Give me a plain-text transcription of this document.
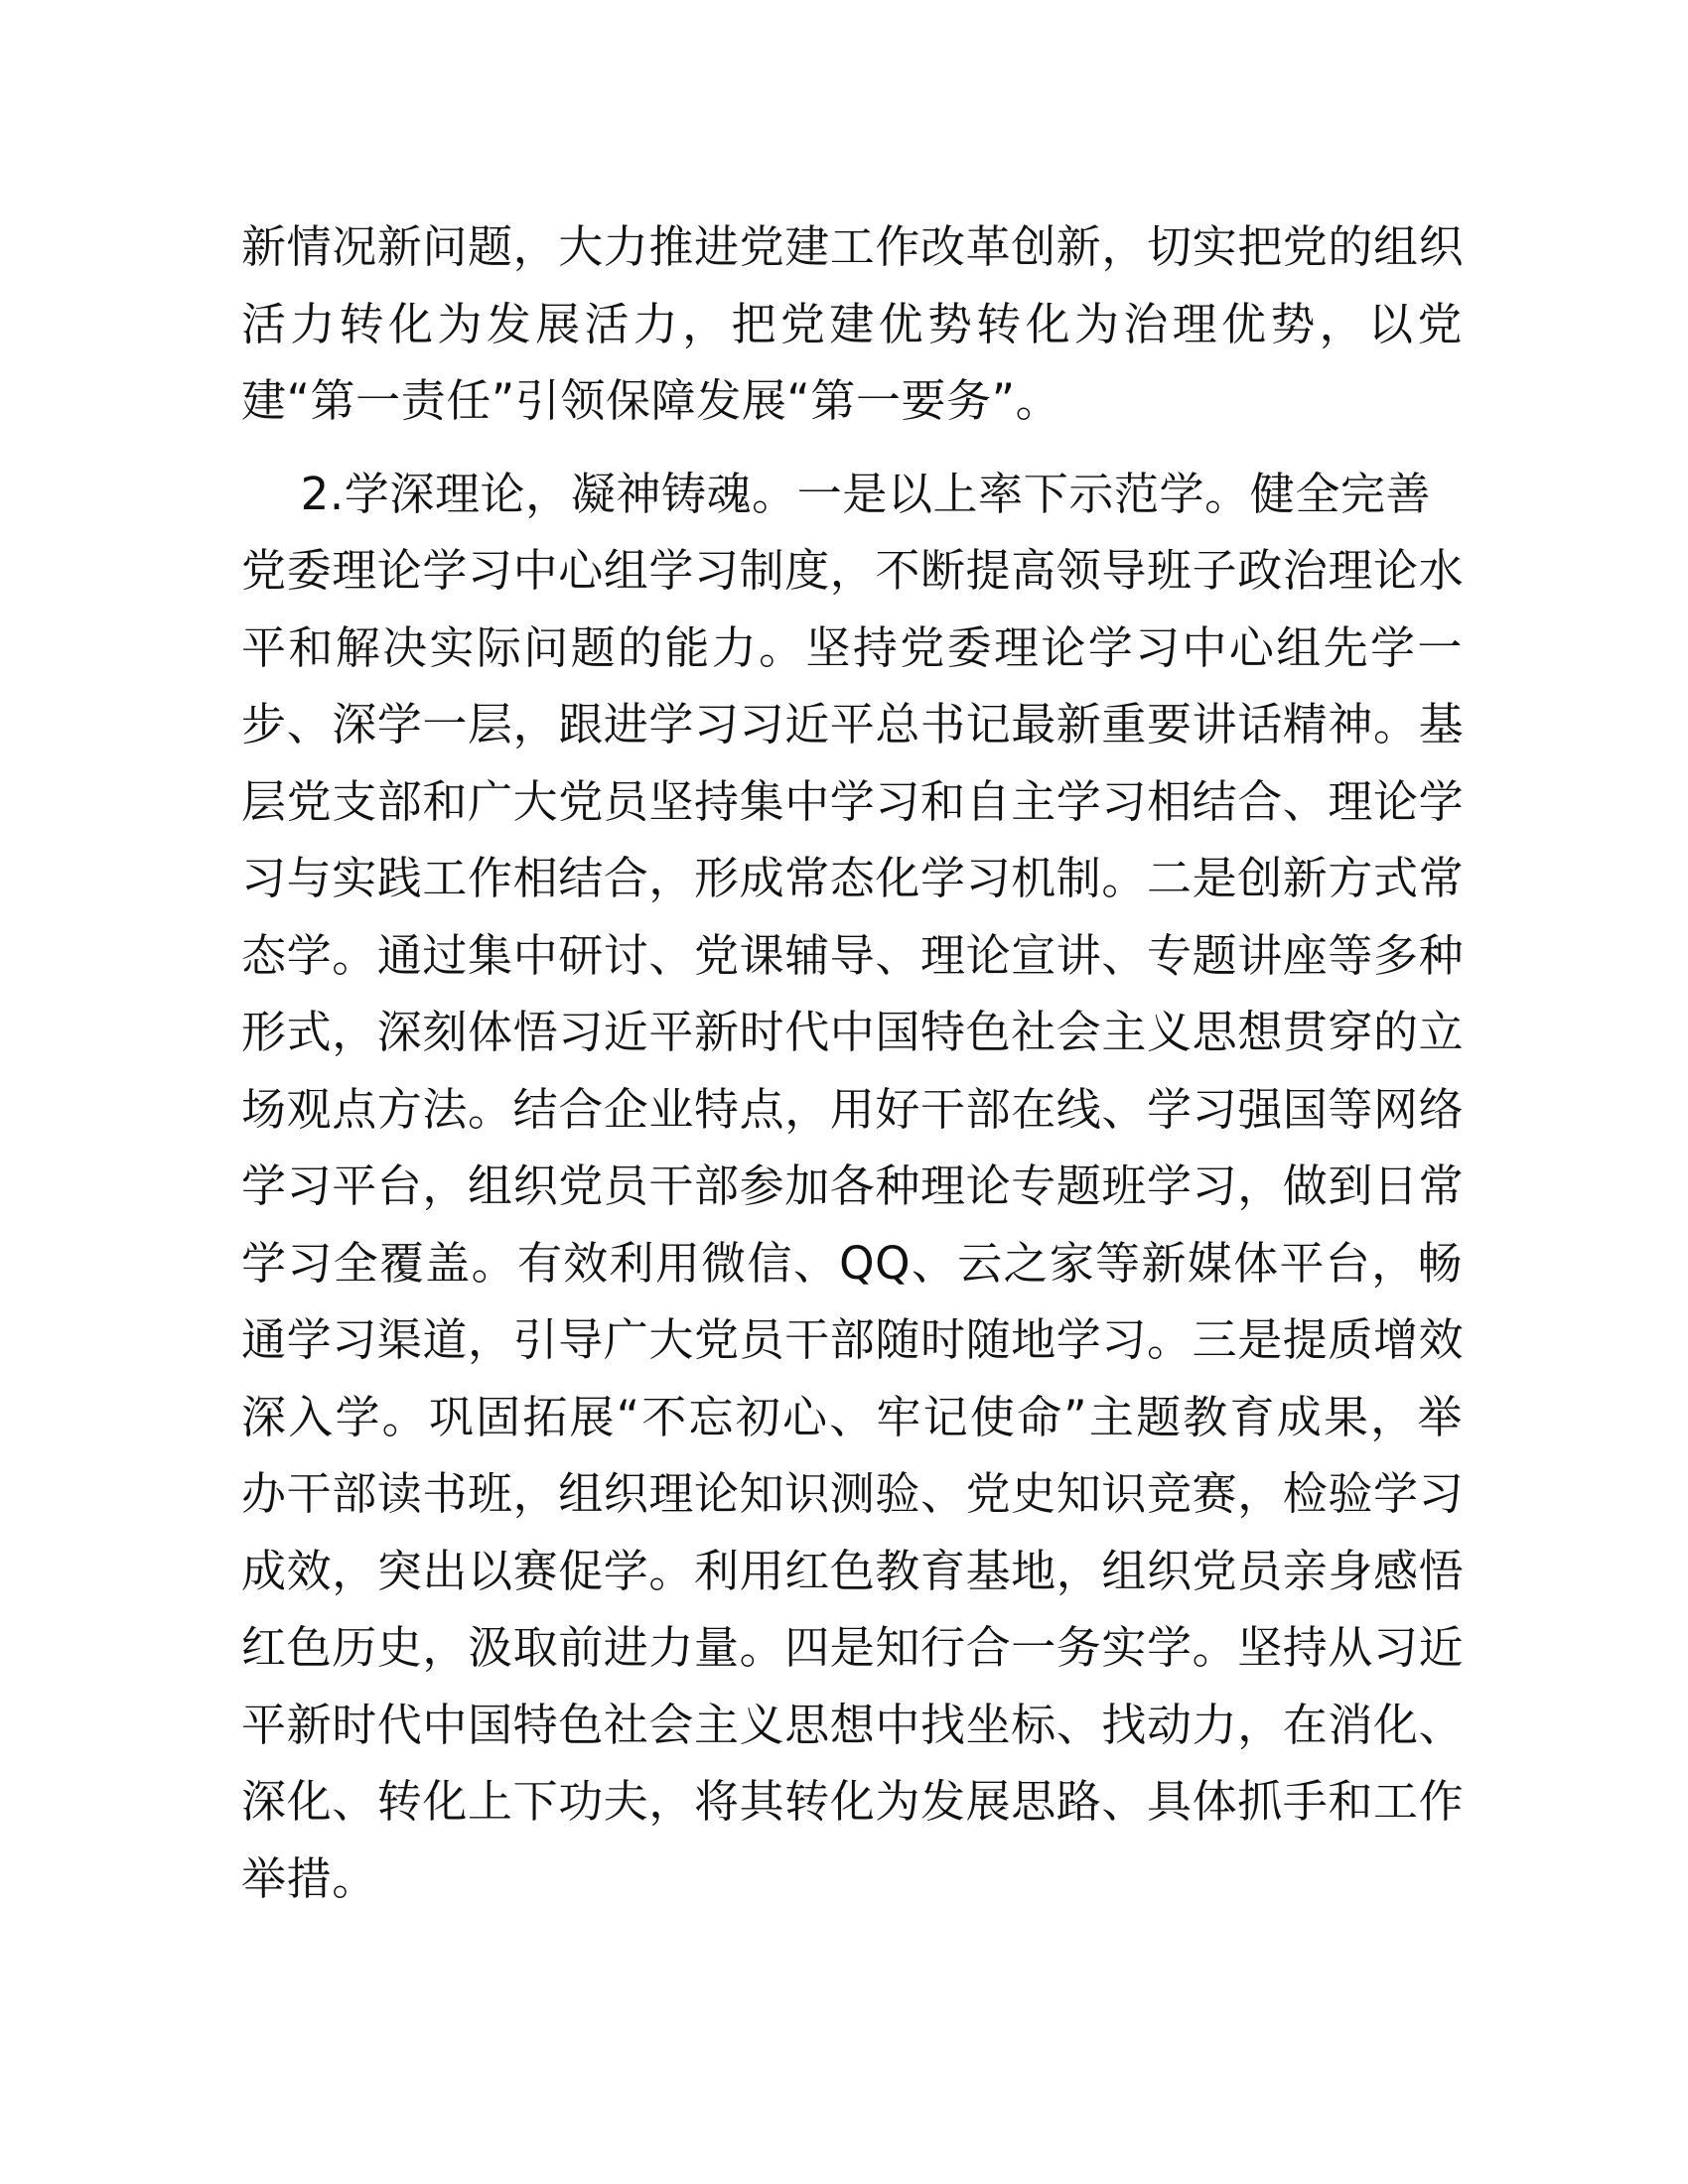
新情况新问题，大力推进党建工作改革创新，切实把党的组织
活力转化为发展活力，把党建优势转化为治理优势，以党
建“第一责任”引领保障发展“第一要务”。
2.学深理论，凝神铸魂。一是以上率下示范学。健全完善
党委理论学习中心组学习制度，不断提高领导班子政治理论水
平和解决实际问题的能力。坚持党委理论学习中心组先学一
步、深学一层，跟进学习习近平总书记最新重要讲话精神。基
层党支部和广大党员坚持集中学习和自主学习相结合、理论学
习与实践工作相结合，形成常态化学习机制。二是创新方式常
态学。通过集中研讨、党课辅导、理论宣讲、专题讲座等多种
形式，深刻体悟习近平新时代中国特色社会主义思想贯穿的立
场观点方法。结合企业特点，用好干部在线、学习强国等网络
学习平台，组织党员干部参加各种理论专题班学习，做到日常
学习全覆盖。有效利用微信、QQ、云之家等新媒体平台，畅
通学习渠道，引导广大党员干部随时随地学习。三是提质增效
深入学。巩固拓展“不忘初心、牢记使命”主题教育成果，举
办干部读书班，组织理论知识测验、党史知识竞赛，检验学习
成效，突出以赛促学。利用红色教育基地，组织党员亲身感悟
红色历史，汲取前进力量。四是知行合一务实学。坚持从习近
平新时代中国特色社会主义思想中找坐标、找动力，在消化、
深化、转化上下功夫，将其转化为发展思路、具体抓手和工作
举措。
